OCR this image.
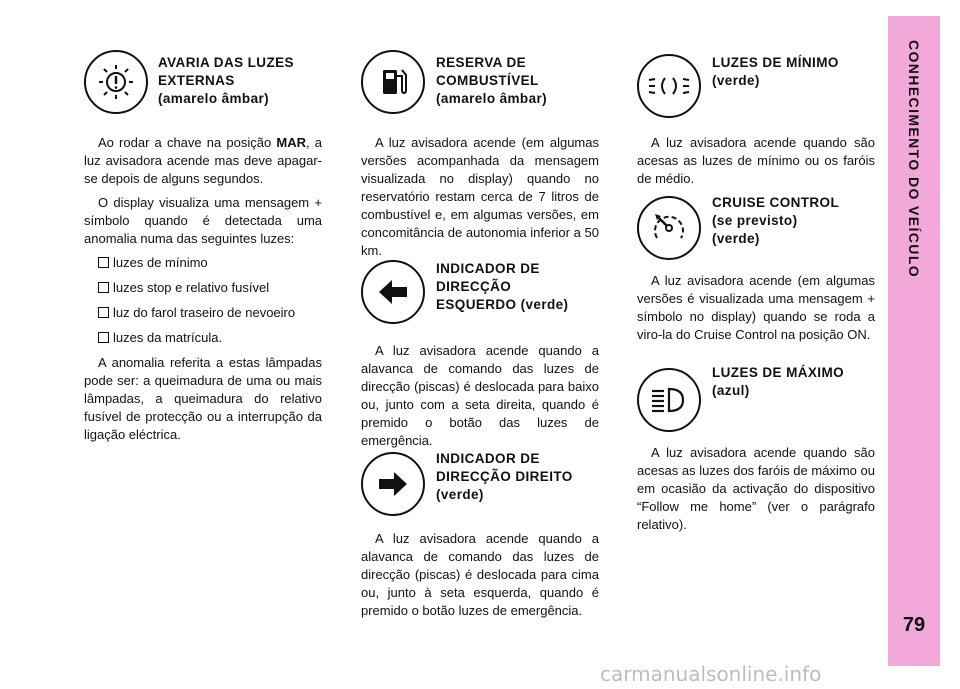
CONHECIMENTO DO VEÍCULO
79
AVARIA DAS LUZES
EXTERNAS
(amarelo âmbar)

Ao rodar a chave na posição MAR, a luz avisadora acende mas deve apagar-se depois de alguns segundos.

O display visualiza uma mensagem + símbolo quando é detectada uma anomalia numa das seguintes luzes:

luzes de mínimo
luzes stop e relativo fusível
luz do farol traseiro de nevoeiro
luzes da matrícula.

A anomalia referita a estas lâmpadas pode ser: a queimadura de uma ou mais lâmpadas, a queimadura do relativo fusível de protecção ou a interrupção da ligação eléctrica.

RESERVA DE
COMBUSTÍVEL
(amarelo âmbar)

A luz avisadora acende (em algumas versões acompanhada da mensagem visualizada no display) quando no reservatório restam cerca de 7 litros de combustível e, em algumas versões, em concomitância de autonomia inferior a 50 km.

INDICADOR DE
DIRECÇÃO
ESQUERDO (verde)

A luz avisadora acende quando a alavanca de comando das luzes de direcção (piscas) é deslocada para baixo ou, junto com a seta direita, quando é premido o botão das luzes de emergência.

INDICADOR DE
DIRECÇÃO DIREITO
(verde)

A luz avisadora acende quando a alavanca de comando das luzes de direcção (piscas) é deslocada para cima ou, junto à seta esquerda, quando é premido o botão luzes de emergência.

LUZES DE MÍNIMO
(verde)

A luz avisadora acende quando são acesas as luzes de mínimo ou os faróis de médio.

CRUISE CONTROL
(se previsto)
(verde)

A luz avisadora acende (em algumas versões é visualizada uma mensagem + símbolo no display) quando se roda a viro-la do Cruise Control na posição ON.

LUZES DE MÁXIMO
(azul)

A luz avisadora acende quando são acesas as luzes dos faróis de máximo ou em ocasião da activação do dispositivo “Follow me home” (ver o parágrafo relativo).

carmanualsonline.info
